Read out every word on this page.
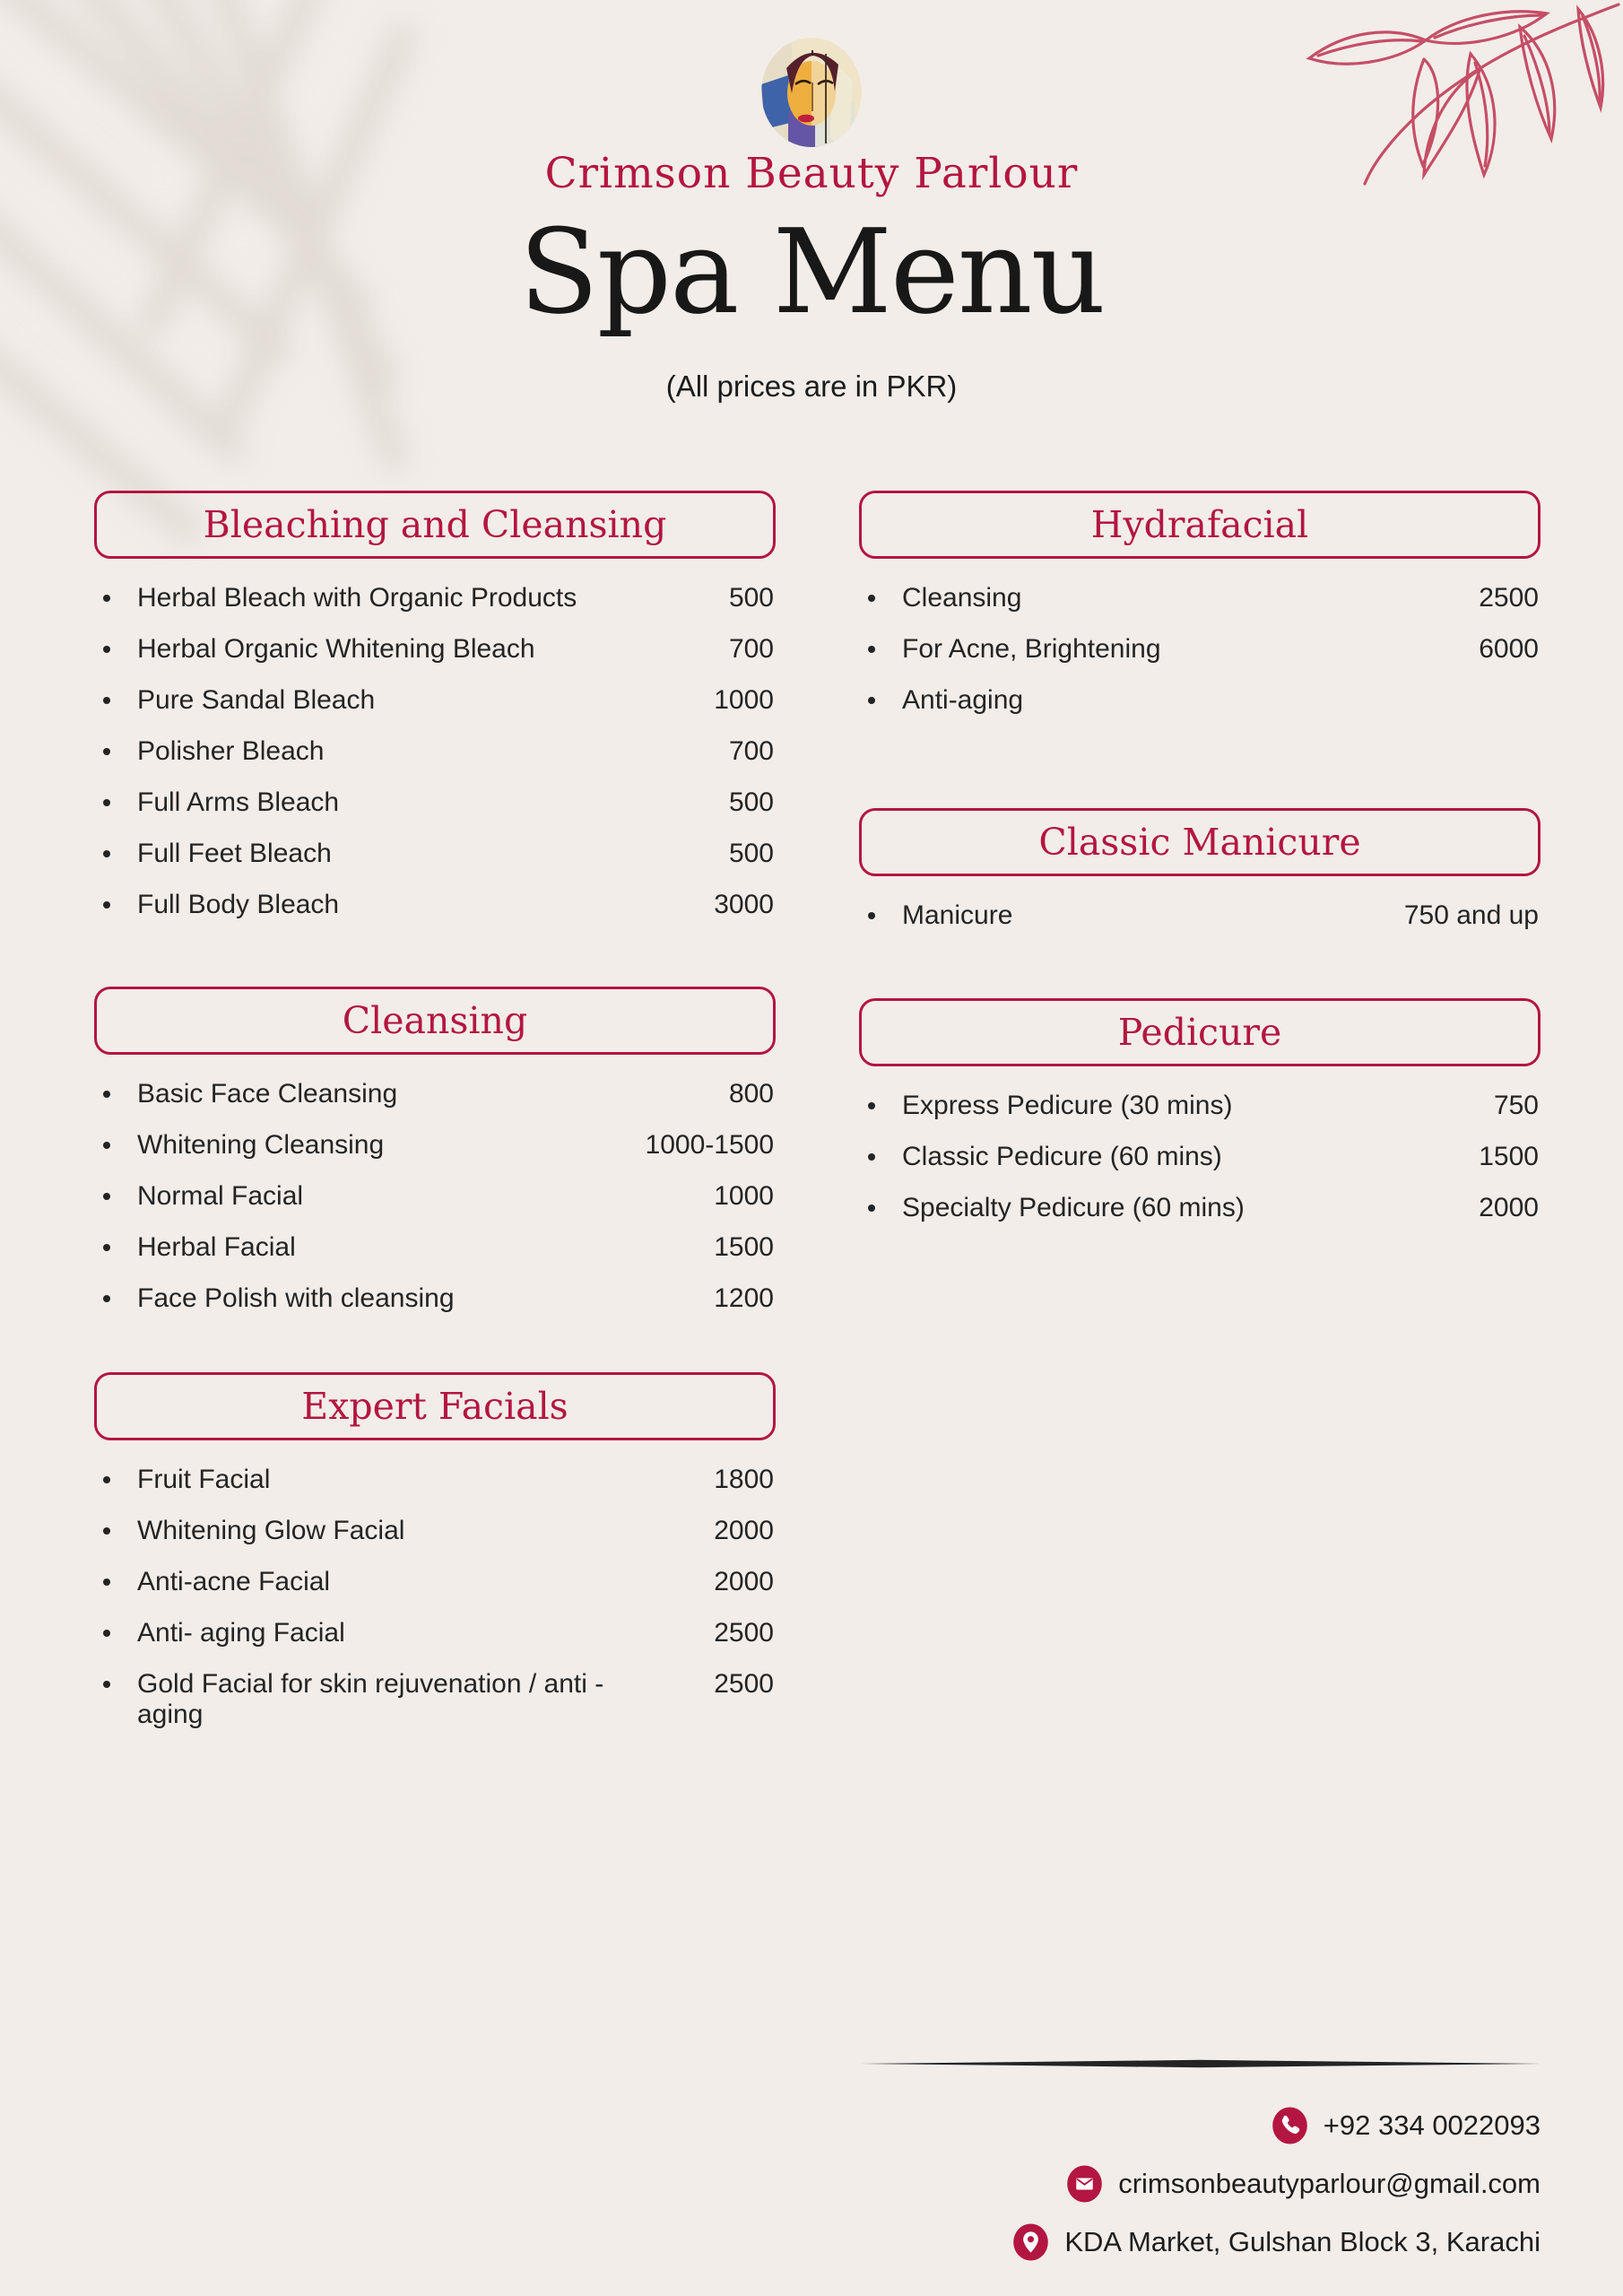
Crimson Beauty Parlour
Spa Menu
(All prices are in PKR)
Bleaching and Cleansing
Herbal Bleach with Organic Products	500
Herbal Organic Whitening Bleach	700
Pure Sandal Bleach	1000
Polisher Bleach	700
Full Arms Bleach	500
Full Feet Bleach	500
Full Body Bleach	3000
Cleansing
Basic Face Cleansing	800
Whitening Cleansing	1000-1500
Normal Facial	1000
Herbal Facial	1500
Face Polish with cleansing	1200
Expert Facials
Fruit Facial	1800
Whitening Glow Facial	2000
Anti-acne Facial	2000
Anti- aging Facial	2500
Gold Facial for skin rejuvenation / anti - aging
2500
Hydrafacial
Cleansing	2500
For Acne, Brightening	6000
Anti-aging
Classic Manicure
Manicure	750 and up
Pedicure
Express Pedicure (30 mins)	750
Classic Pedicure (60 mins)	1500
Specialty Pedicure (60 mins)	2000
+92 334 0022093
crimsonbeautyparlour@gmail.com
KDA Market, Gulshan Block 3, Karachi
